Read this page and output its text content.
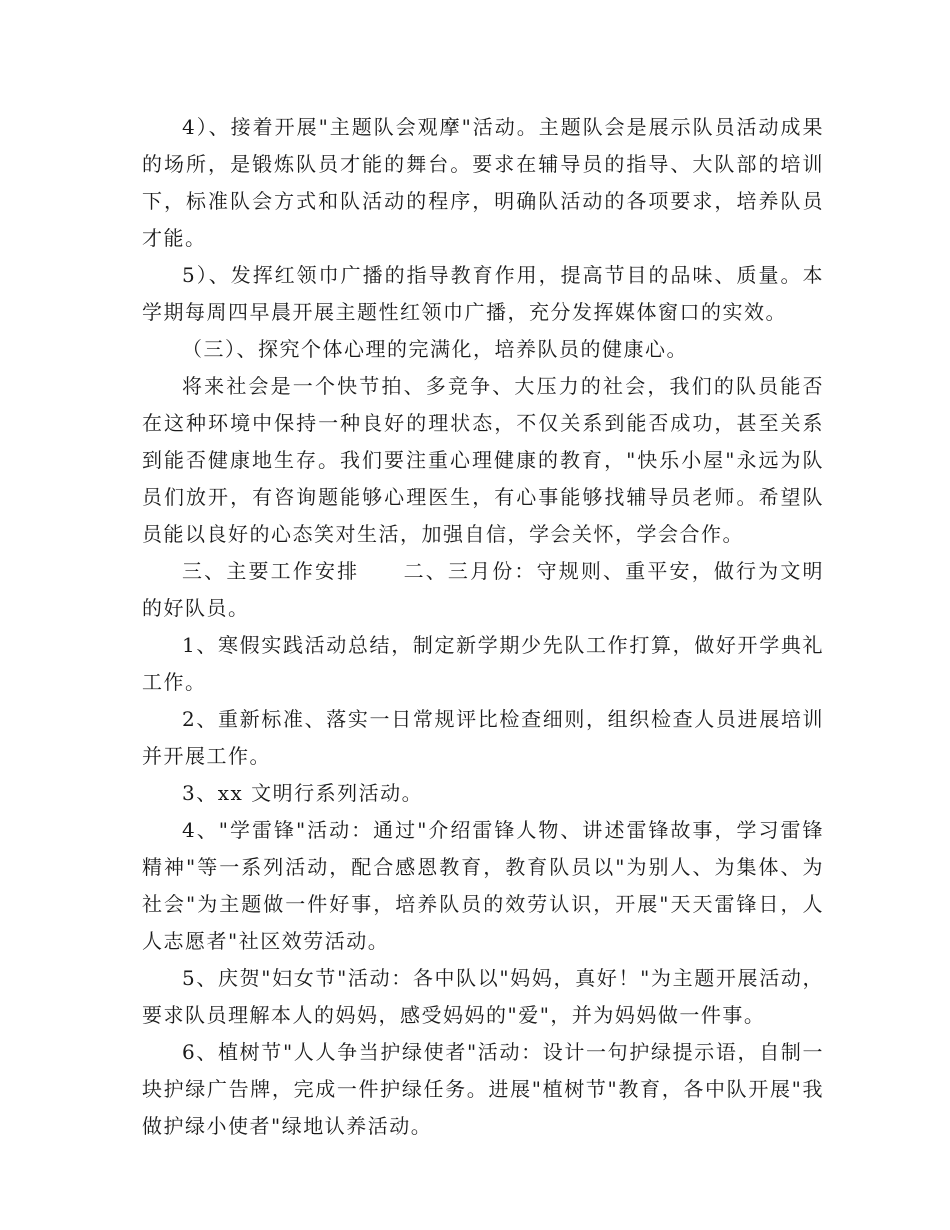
4）、接着开展"主题队会观摩"活动。主题队会是展示队员活动成果的场所，是锻炼队员才能的舞台。要求在辅导员的指导、大队部的培训下，标准队会方式和队活动的程序，明确队活动的各项要求，培养队员才能。

5）、发挥红领巾广播的指导教育作用，提高节目的品味、质量。本学期每周四早晨开展主题性红领巾广播，充分发挥媒体窗口的实效。

（三）、探究个体心理的完满化，培养队员的健康心。

将来社会是一个快节拍、多竞争、大压力的社会，我们的队员能否在这种环境中保持一种良好的理状态，不仅关系到能否成功，甚至关系到能否健康地生存。我们要注重心理健康的教育，"快乐小屋"永远为队员们放开，有咨询题能够心理医生，有心事能够找辅导员老师。希望队员能以良好的心态笑对生活，加强自信，学会关怀，学会合作。

三、主要工作安排　　二、三月份：守规则、重平安，做行为文明的好队员。

1、寒假实践活动总结，制定新学期少先队工作打算，做好开学典礼工作。

2、重新标准、落实一日常规评比检查细则，组织检查人员进展培训并开展工作。

3、xx 文明行系列活动。

4、"学雷锋"活动：通过"介绍雷锋人物、讲述雷锋故事，学习雷锋精神"等一系列活动，配合感恩教育，教育队员以"为别人、为集体、为社会"为主题做一件好事，培养队员的效劳认识，开展"天天雷锋日，人人志愿者"社区效劳活动。

5、庆贺"妇女节"活动：各中队以"妈妈，真好！"为主题开展活动，要求队员理解本人的妈妈，感受妈妈的"爱"，并为妈妈做一件事。

6、植树节"人人争当护绿使者"活动：设计一句护绿提示语，自制一块护绿广告牌，完成一件护绿任务。进展"植树节"教育，各中队开展"我做护绿小使者"绿地认养活动。
